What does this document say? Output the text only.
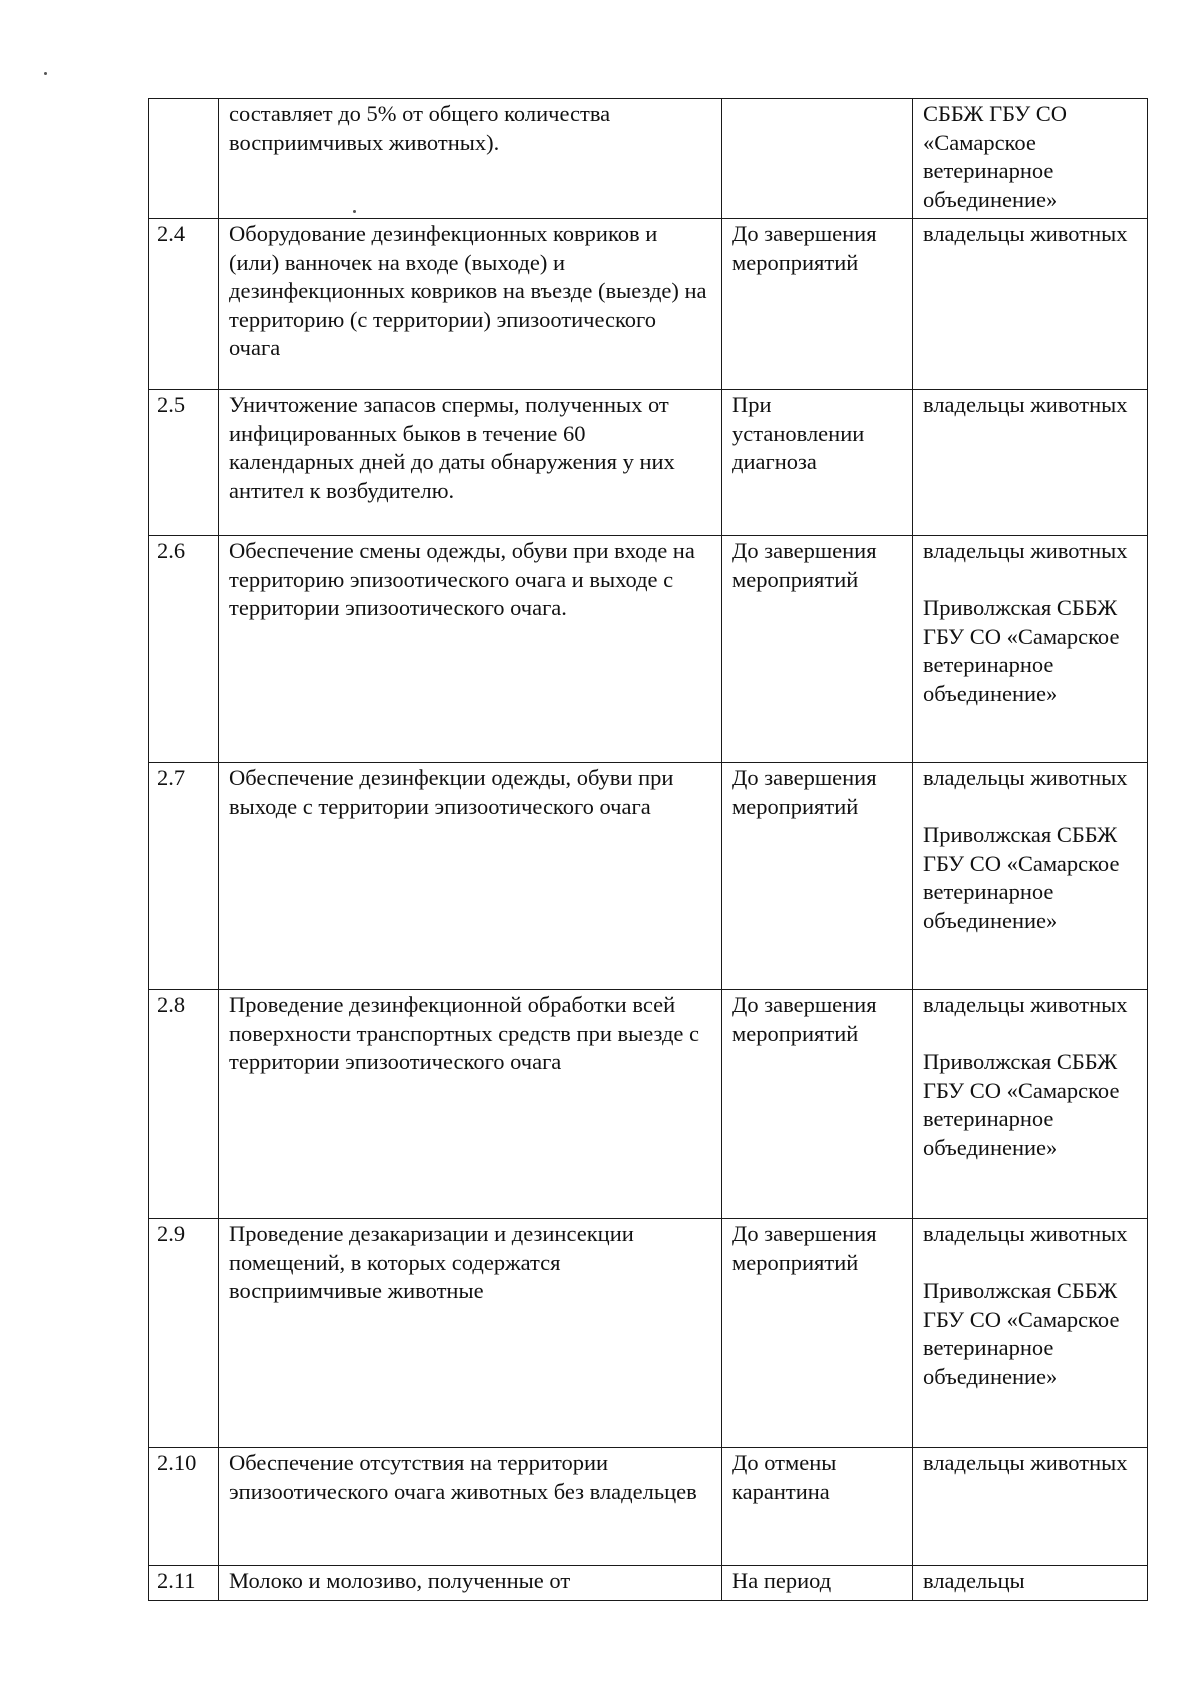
	составляет до 5% от общего количества восприимчивых животных).		СББЖ ГБУ СО «Самарское ветеринарное объединение»

2.4	Оборудование дезинфекционных ковриков и (или) ванночек на входе (выходе) и дезинфекционных ковриков на въезде (выезде) на территорию (с территории) эпизоотического очага	До завершения мероприятий	владельцы животных

2.5	Уничтожение запасов спермы, полученных от инфицированных быков в течение 60 календарных дней до даты обнаружения у них антител к возбудителю.	При установлении диагноза	владельцы животных

2.6	Обеспечение смены одежды, обуви при входе на территорию эпизоотического очага и выходе с территории эпизоотического очага.	До завершения мероприятий	владельцы животных
Приволжская СББЖ ГБУ СО «Самарское ветеринарное объединение»

2.7	Обеспечение дезинфекции одежды, обуви при выходе с территории эпизоотического очага	До завершения мероприятий	владельцы животных
Приволжская СББЖ ГБУ СО «Самарское ветеринарное объединение»

2.8	Проведение дезинфекционной обработки всей поверхности транспортных средств при выезде с территории эпизоотического очага	До завершения мероприятий	владельцы животных
Приволжская СББЖ ГБУ СО «Самарское ветеринарное объединение»

2.9	Проведение дезакаризации и дезинсекции помещений, в которых содержатся восприимчивые животные	До завершения мероприятий	владельцы животных
Приволжская СББЖ ГБУ СО «Самарское ветеринарное объединение»

2.10	Обеспечение отсутствия на территории эпизоотического очага животных без владельцев	До отмены карантина	владельцы животных

2.11	Молоко и молозиво, полученные от	На период	владельцы
